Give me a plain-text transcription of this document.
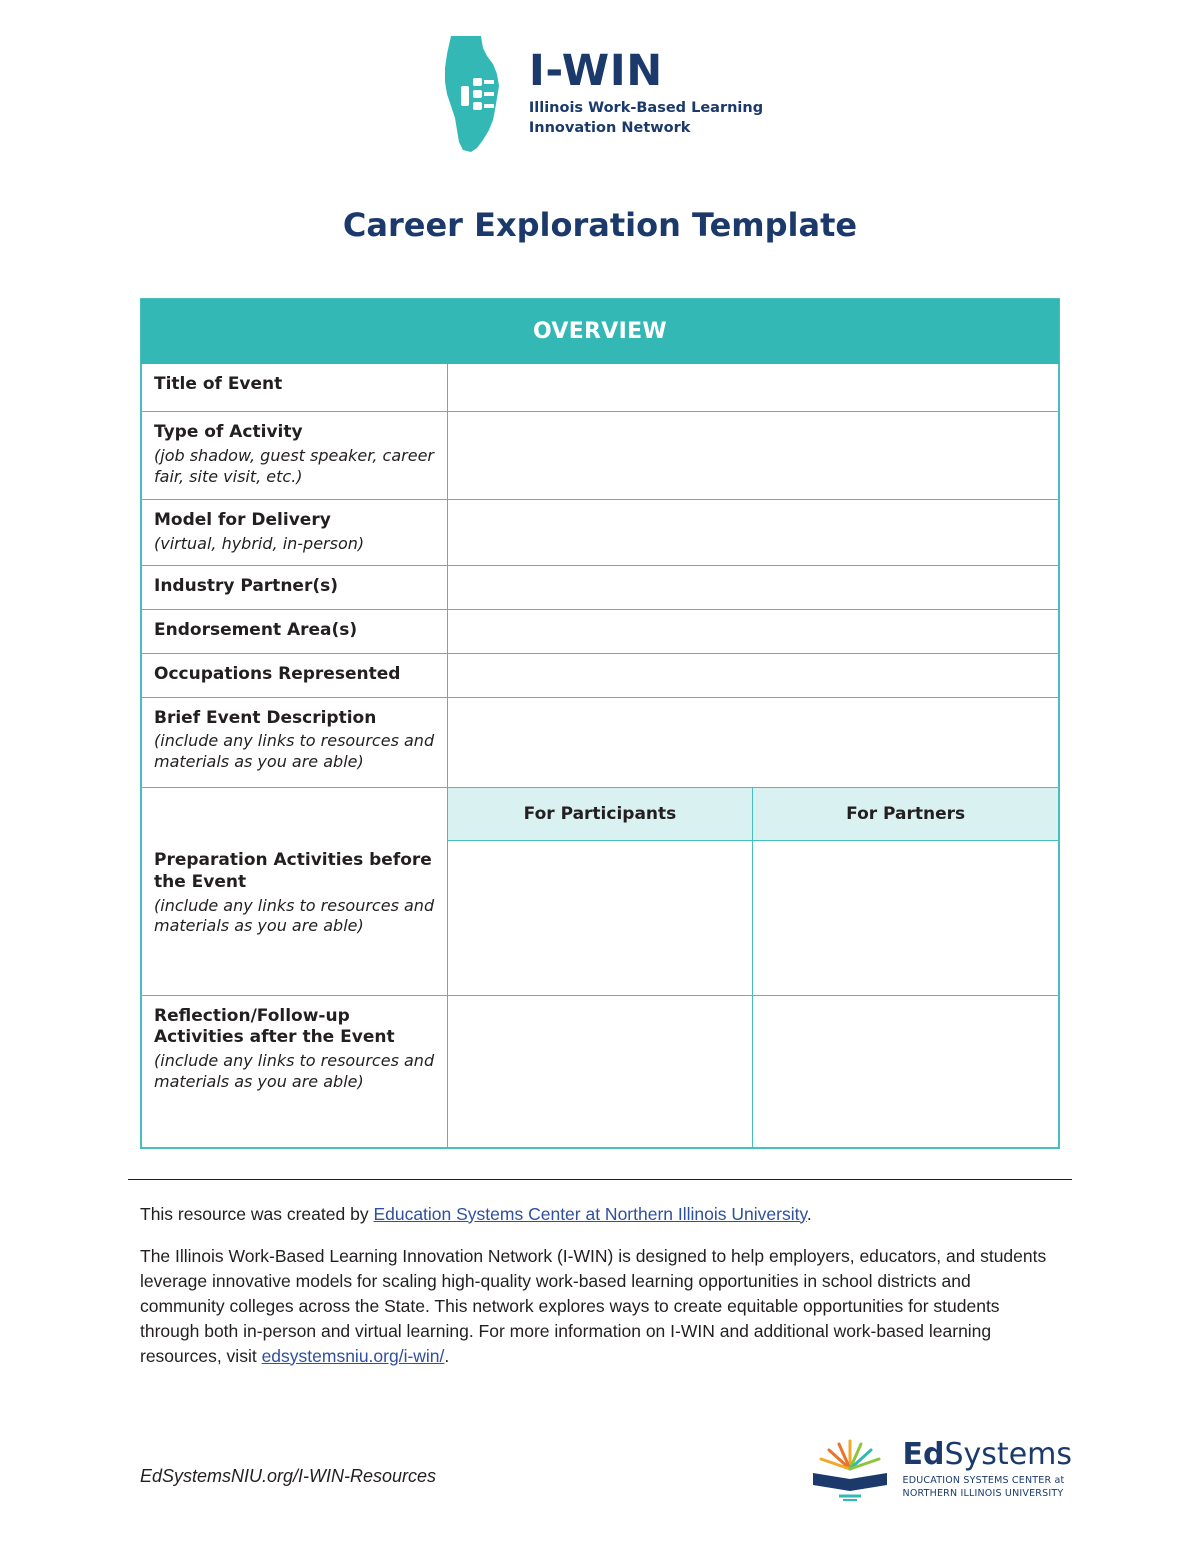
I-WIN
Illinois Work-Based Learning
Innovation Network
Career Exploration Template
OVERVIEW		
Title of Event		
Type of Activity
(job shadow, guest speaker, career fair, site visit, etc.)		

Model for Delivery
(virtual, hybrid, in-person)		

Industry Partner(s)		
Endorsement Area(s)		
Occupations Represented		
Brief Event Description
(include any links to resources and materials as you are able)		

	For Participants	For Partners
Preparation Activities before the Event
(include any links to resources and materials as you are able)		

Reflection/Follow-up Activities after the Event
(include any links to resources and materials as you are able)		

This resource was created by Education Systems Center at Northern Illinois University.

The Illinois Work-Based Learning Innovation Network (I-WIN) is designed to help employers, educators, and students leverage innovative models for scaling high-quality work-based learning opportunities in school districts and community colleges across the State. This network explores ways to create equitable opportunities for students through both in-person and virtual learning. For more information on I-WIN and additional work-based learning resources, visit edsystemsniu.org/i-win/.

EdSystemsNIU.org/I-WIN-Resources
EdSystems
EDUCATION SYSTEMS CENTER at
NORTHERN ILLINOIS UNIVERSITY
